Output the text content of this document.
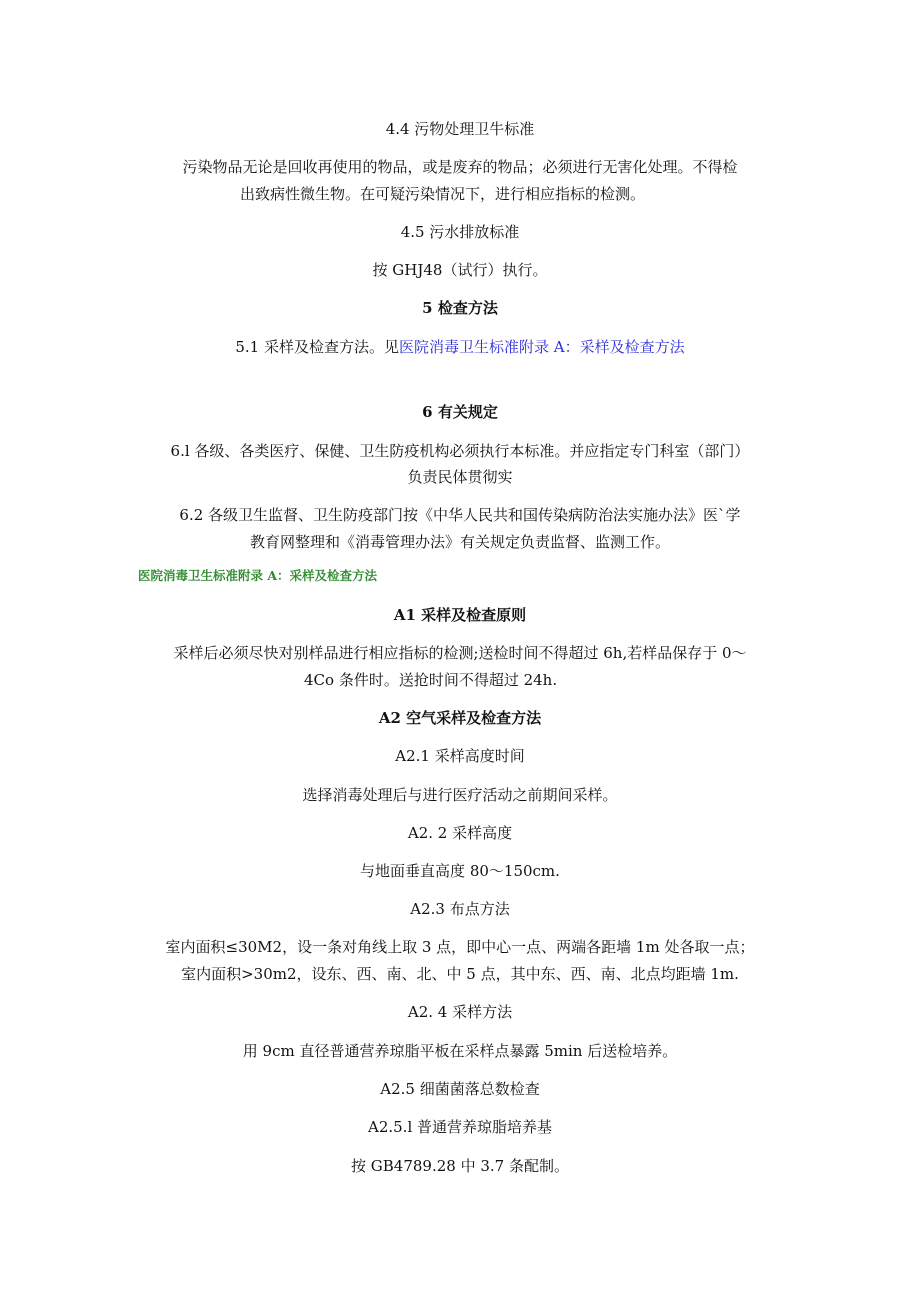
4.4 污物处理卫牛标准
污染物品无论是回收再使用的物品，或是废弃的物品；必须进行无害化处理。不得检
出致病性微生物。在可疑污染情况下，进行相应指标的检测。
4.5 污水排放标准
按 GHJ48（试行）执行。
5 检查方法
5.1 采样及检查方法。见医院消毒卫生标准附录 A：采样及检查方法
6 有关规定
6.l 各级、各类医疗、保健、卫生防疫机构必须执行本标准。并应指定专门科室（部门）
负责民体贯彻实
6.2 各级卫生监督、卫生防疫部门按《中华人民共和国传染病防治法实施办法》医`学
教育网整理和《消毒管理办法》有关规定负责监督、监测工作。
医院消毒卫生标准附录 A：采样及检查方法
A1 采样及检查原则
采样后必须尽快对别样品进行相应指标的检测;送检时间不得超过 6h,若样品保存于 0～
4Co 条件时。送抢时间不得超过 24h.
A2 空气采样及检查方法
A2.1 采样高度时间
选择消毒处理后与进行医疗活动之前期间采样。
A2. 2 采样高度
与地面垂直高度 80～150cm.
A2.3 布点方法
室内面积≤30M2，设一条对角线上取 3 点，即中心一点、两端各距墙 1m 处各取一点；
室内面积>30m2，设东、西、南、北、中 5 点，其中东、西、南、北点均距墙 1m.
A2. 4 采样方法
用 9cm 直径普通营养琼脂平板在采样点暴露 5min 后送检培养。
A2.5 细菌菌落总数检查
A2.5.l 普通营养琼脂培养基
按 GB4789.28 中 3.7 条配制。
